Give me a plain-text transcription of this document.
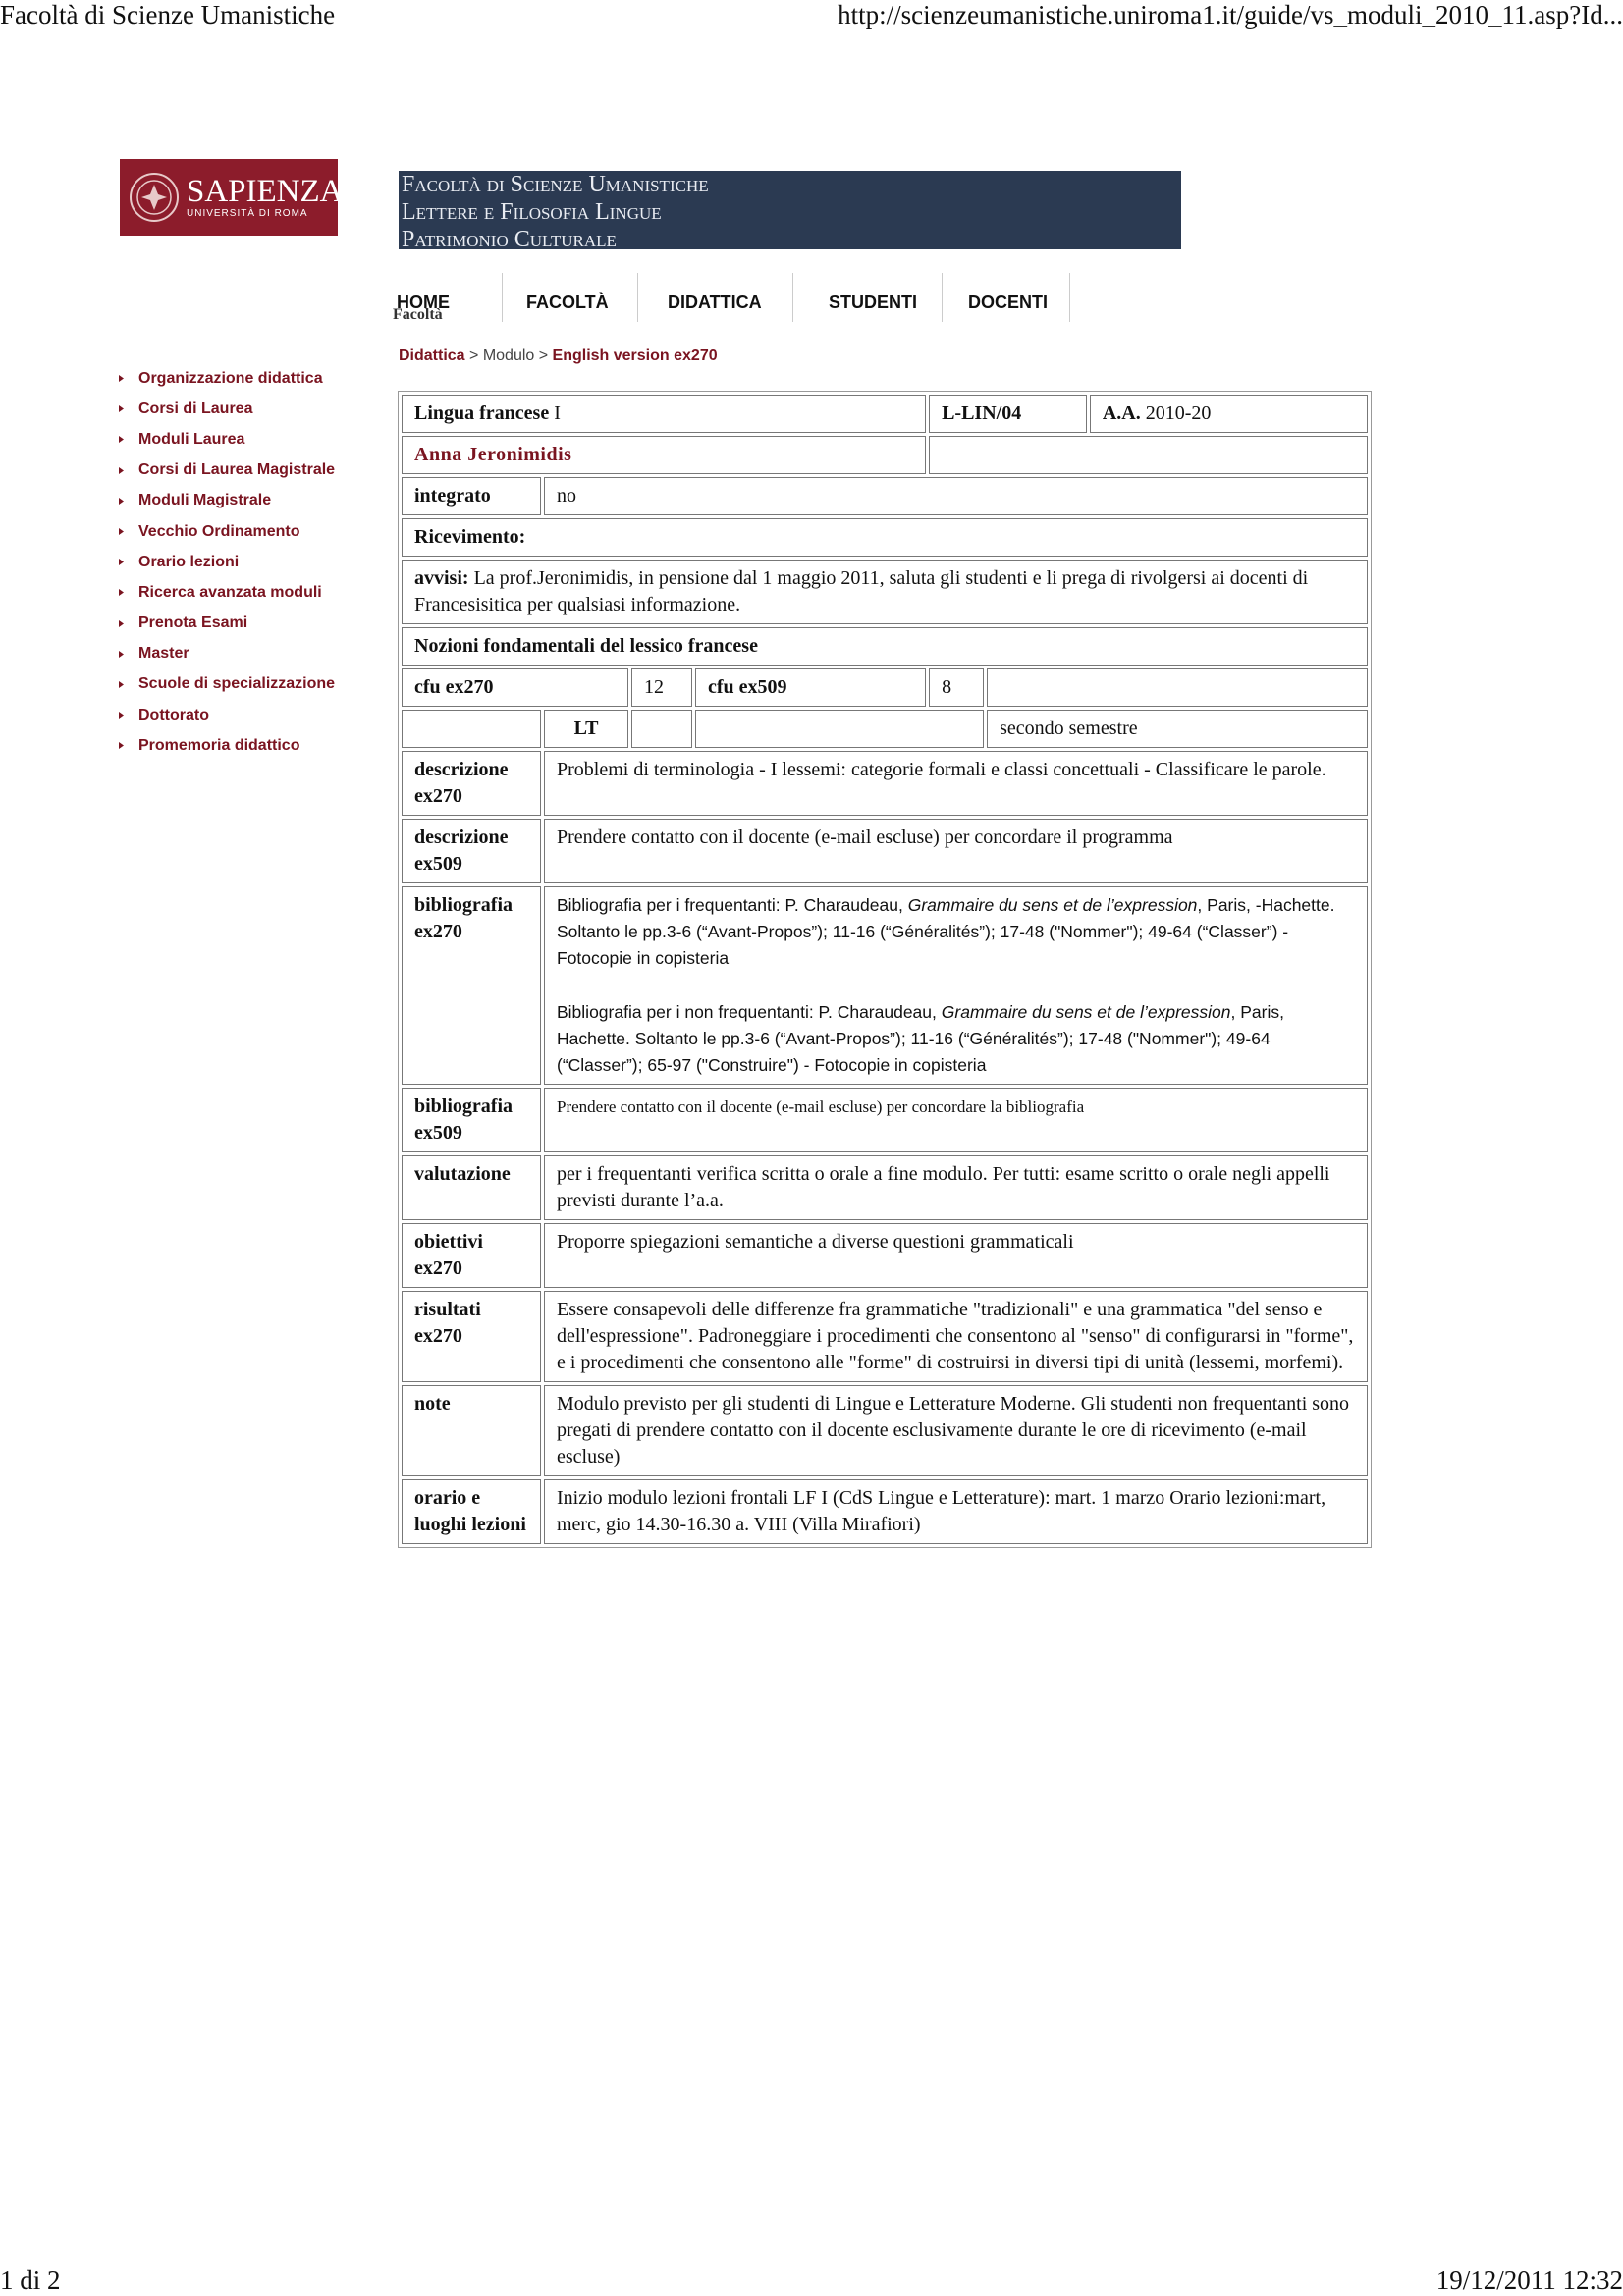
Facoltà di Scienze Umanistiche	http://scienzeumanistiche.uniroma1.it/guide/vs_moduli_2010_11.asp?Id...
SAPIENZA
UNIVERSITÀ DI ROMA
Facoltà di Scienze Umanistiche
Lettere e Filosofia Lingue
Patrimonio Culturale
HOME	FACOLTÀ	DIDATTICA	STUDENTI	DOCENTI
Facoltà
Didattica > Modulo > English version ex270
Organizzazione didattica
Corsi di Laurea
Moduli Laurea
Corsi di Laurea Magistrale
Moduli Magistrale
Vecchio Ordinamento
Orario lezioni
Ricerca avanzata moduli
Prenota Esami
Master
Scuole di specializzazione
Dottorato
Promemoria didattico
Lingua francese I				L-LIN/04		A.A. 2010-20
Anna Jeronimidis						
integrato	no					
Ricevimento:						
avvisi: La prof.Jeronimidis, in pensione dal 1 maggio 2011, saluta gli studenti e li prega di rivolgersi ai docenti di Francesisitica per qualsiasi informazione.						
Nozioni fondamentali del lessico francese						
cfu ex270		12	cfu ex509	8		
	LT				secondo semestre	
descrizione ex270	Problemi di terminologia - I lessemi: categorie formali e classi concettuali - Classificare le parole.					
descrizione ex509	Prendere contatto con il docente (e-mail escluse) per concordare il programma					
bibliografia ex270	Bibliografia per i frequentanti: P. Charaudeau, Grammaire du sens et de l’expression, Paris, -Hachette. Soltanto le pp.3-6 (“Avant-Propos”); 11-16 (“Généralités”); 17-48 ("Nommer"); 49-64 (“Classer”) - Fotocopie in copisteria
Bibliografia per i non frequentanti: P. Charaudeau, Grammaire du sens et de l’expression, Paris, Hachette. Soltanto le pp.3-6 (“Avant-Propos”); 11-16 (“Généralités”); 17-48 ("Nommer"); 49-64 (“Classer”); 65-97 ("Construire") - Fotocopie in copisteria					

bibliografia ex509	Prendere contatto con il docente (e-mail escluse) per concordare la bibliografia					
valutazione	per i frequentanti verifica scritta o orale a fine modulo. Per tutti: esame scritto o orale negli appelli previsti durante l’a.a.					
obiettivi ex270	Proporre spiegazioni semantiche a diverse questioni grammaticali					
risultati ex270	Essere consapevoli delle differenze fra grammatiche "tradizionali" e una grammatica "del senso e dell'espressione". Padroneggiare i procedimenti che consentono al "senso" di configurarsi in "forme", e i procedimenti che consentono alle "forme" di costruirsi in diversi tipi di unità (lessemi, morfemi).					
note	Modulo previsto per gli studenti di Lingue e Letterature Moderne. Gli studenti non frequentanti sono pregati di prendere contatto con il docente esclusivamente durante le ore di ricevimento (e-mail escluse)					
orario e luoghi lezioni	Inizio modulo lezioni frontali LF I (CdS Lingue e Letterature): mart. 1 marzo Orario lezioni:mart, merc, gio 14.30-16.30 a. VIII (Villa Mirafiori)					
1 di 2	19/12/2011 12:32
